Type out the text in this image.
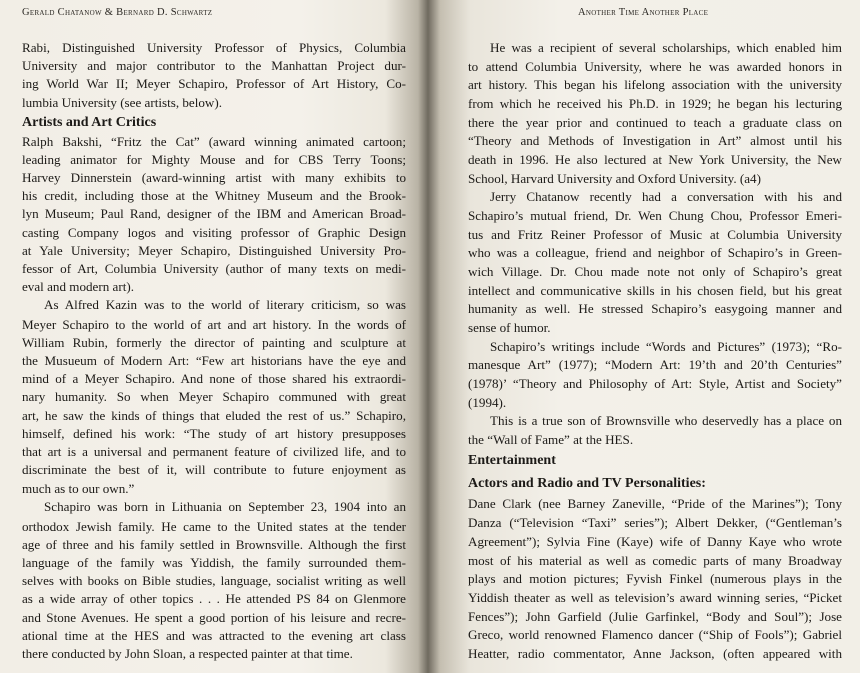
Gerald Chatanow & Bernard D. Schwartz
Rabi, Distinguished University Professor of Physics, Columbia
University and major contributor to the Manhattan Project dur-
ing World War II; Meyer Schapiro, Professor of Art History, Co-
lumbia University (see artists, below).
Artists and Art Critics
Ralph Bakshi, “Fritz the Cat” (award winning animated cartoon;
leading animator for Mighty Mouse and for CBS Terry Toons;
Harvey Dinnerstein (award-winning artist with many exhibits to
his credit, including those at the Whitney Museum and the Brook-
lyn Museum; Paul Rand, designer of the IBM and American Broad-
casting Company logos and visiting professor of Graphic Design
at Yale University; Meyer Schapiro, Distinguished University Pro-
fessor of Art, Columbia University (author of many texts on medi-
eval and modern art).
As Alfred Kazin was to the world of literary criticism, so was
Meyer Schapiro to the world of art and art history. In the words of
William Rubin, formerly the director of painting and sculpture at
the Musueum of Modern Art: “Few art historians have the eye and
mind of a Meyer Schapiro. And none of those shared his extraordi-
nary humanity. So when Meyer Schapiro communed with great
art, he saw the kinds of things that eluded the rest of us.” Schapiro,
himself, defined his work: “The study of art history presupposes
that art is a universal and permanent feature of civilized life, and to
discriminate the best of it, will contribute to future enjoyment as
much as to our own.”
Schapiro was born in Lithuania on September 23, 1904 into an
orthodox Jewish family. He came to the United states at the tender
age of three and his family settled in Brownsville. Although the first
language of the family was Yiddish, the family surrounded them-
selves with books on Bible studies, language, socialist writing as well
as a wide array of other topics . . . He attended PS 84 on Glenmore
and Stone Avenues. He spent a good portion of his leisure and recre-
ational time at the HES and was attracted to the evening art class
there conducted by John Sloan, a respected painter at that time.
Another Time Another Place
He was a recipient of several scholarships, which enabled him
to attend Columbia University, where he was awarded honors in
art history. This began his lifelong association with the university
from which he received his Ph.D. in 1929; he began his lecturing
there the year prior and continued to teach a graduate class on
“Theory and Methods of Investigation in Art” almost until his
death in 1996. He also lectured at New York University, the New
School, Harvard University and Oxford University. (a4)
Jerry Chatanow recently had a conversation with his and
Schapiro’s mutual friend, Dr. Wen Chung Chou, Professor Emeri-
tus and Fritz Reiner Professor of Music at Columbia University
who was a colleague, friend and neighbor of Schapiro’s in Green-
wich Village. Dr. Chou made note not only of Schapiro’s great
intellect and communicative skills in his chosen field, but his great
humanity as well. He stressed Schapiro’s easygoing manner and
sense of humor.
Schapiro’s writings include “Words and Pictures” (1973); “Ro-
manesque Art” (1977); “Modern Art: 19’th and 20’th Centuries”
(1978)’ “Theory and Philosophy of Art: Style, Artist and Society”
(1994).
This is a true son of Brownsville who deservedly has a place on
the “Wall of Fame” at the HES.
Entertainment
Actors and Radio and TV Personalities:
Dane Clark (nee Barney Zaneville, “Pride of the Marines”); Tony
Danza (“Television “Taxi” series”); Albert Dekker, (“Gentleman’s
Agreement”); Sylvia Fine (Kaye) wife of Danny Kaye who wrote
most of his material as well as comedic parts of many Broadway
plays and motion pictures; Fyvish Finkel (numerous plays in the
Yiddish theater as well as television’s award winning series, “Picket
Fences”); John Garfield (Julie Garfinkel, “Body and Soul”); Jose
Greco, world renowned Flamenco dancer (“Ship of Fools”); Gabriel
Heatter, radio commentator, Anne Jackson, (often appeared with
